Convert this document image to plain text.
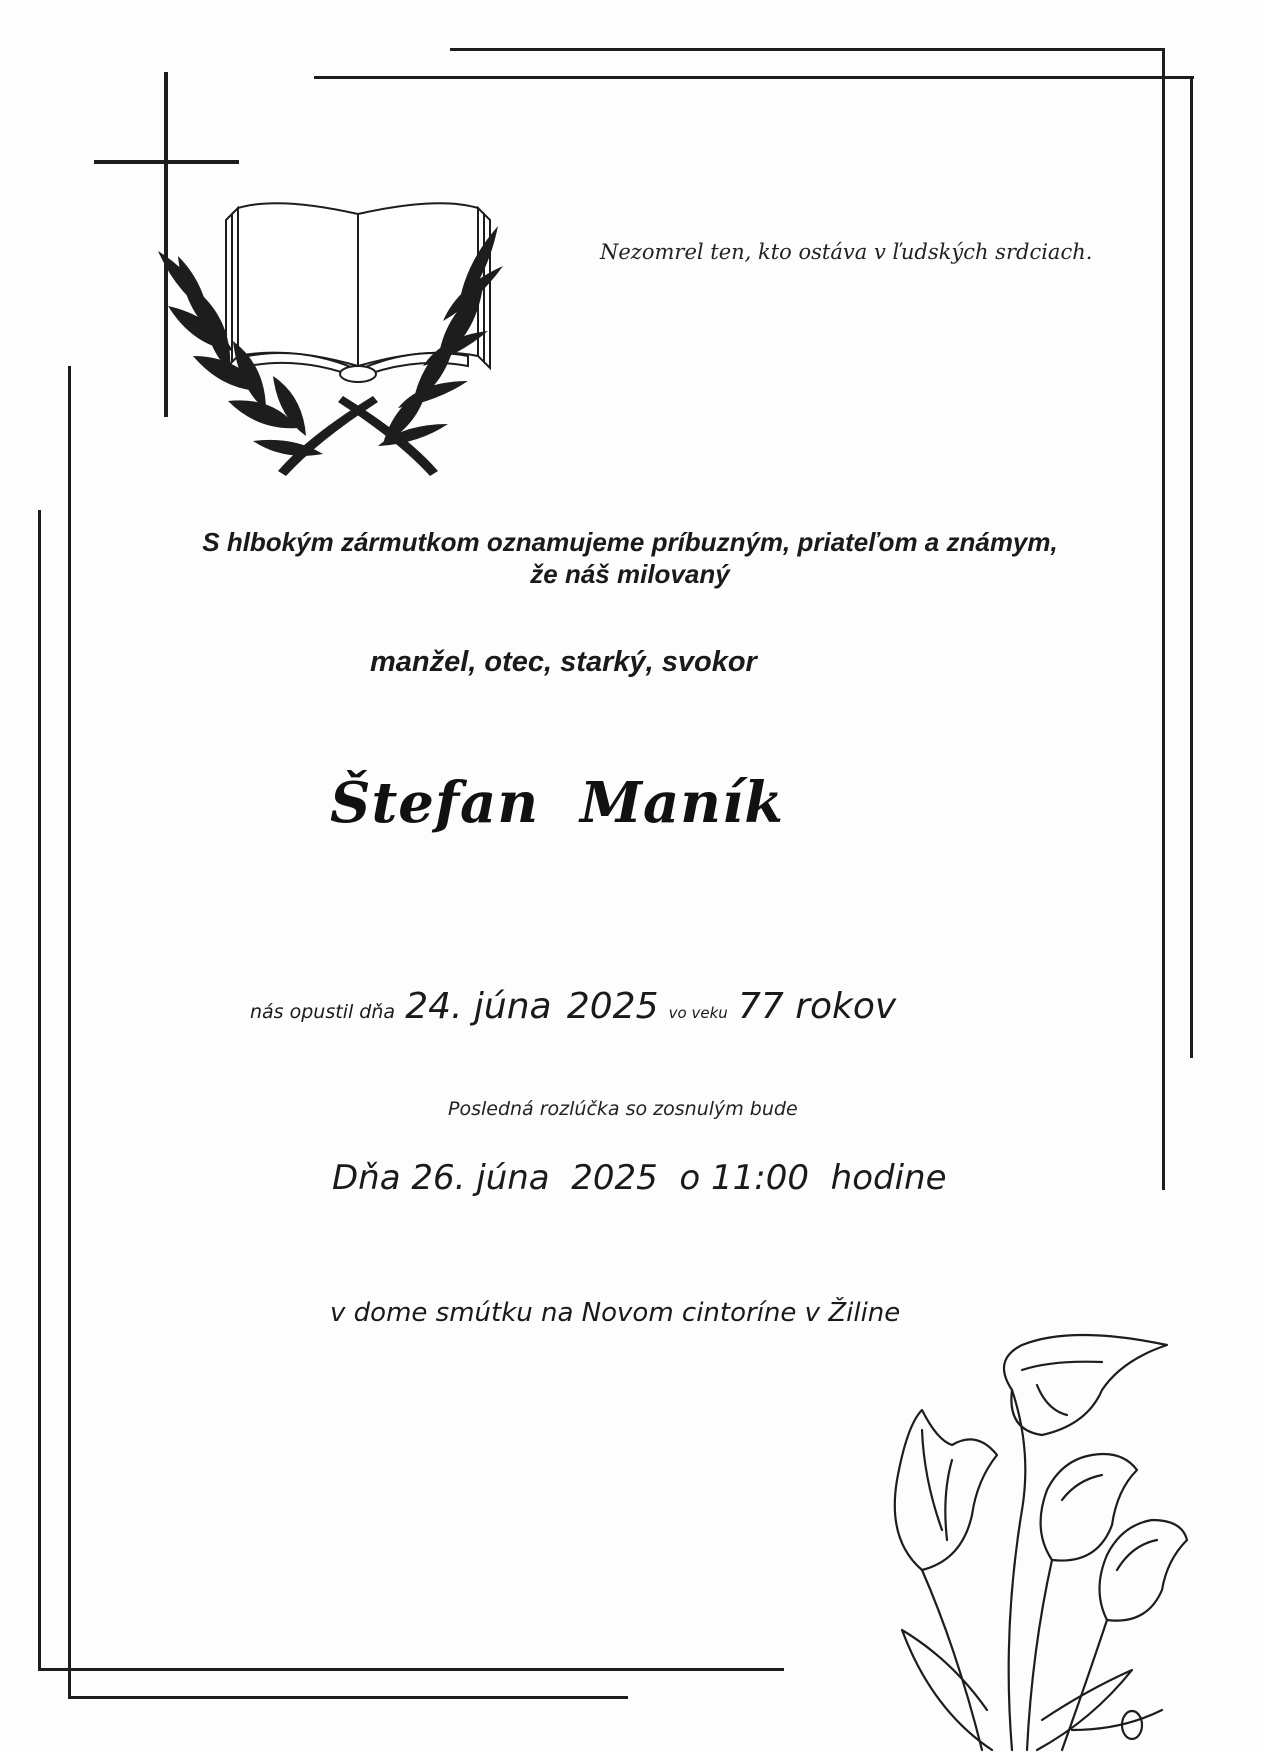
Nezomrel ten, kto ostáva v ľudských srdciach.
S hlbokým zármutkom oznamujeme príbuzným, priateľom a známym,
že náš milovaný
manžel, otec, starký, svokor
Štefan  Maník
nás opustil dňa 24. júna 2025 vo veku 77 rokov
Posledná rozlúčka so zosnulým bude
Dňa 26. júna 2025 o 11:00 hodine
v dome smútku na Novom cintoríne v Žiline
